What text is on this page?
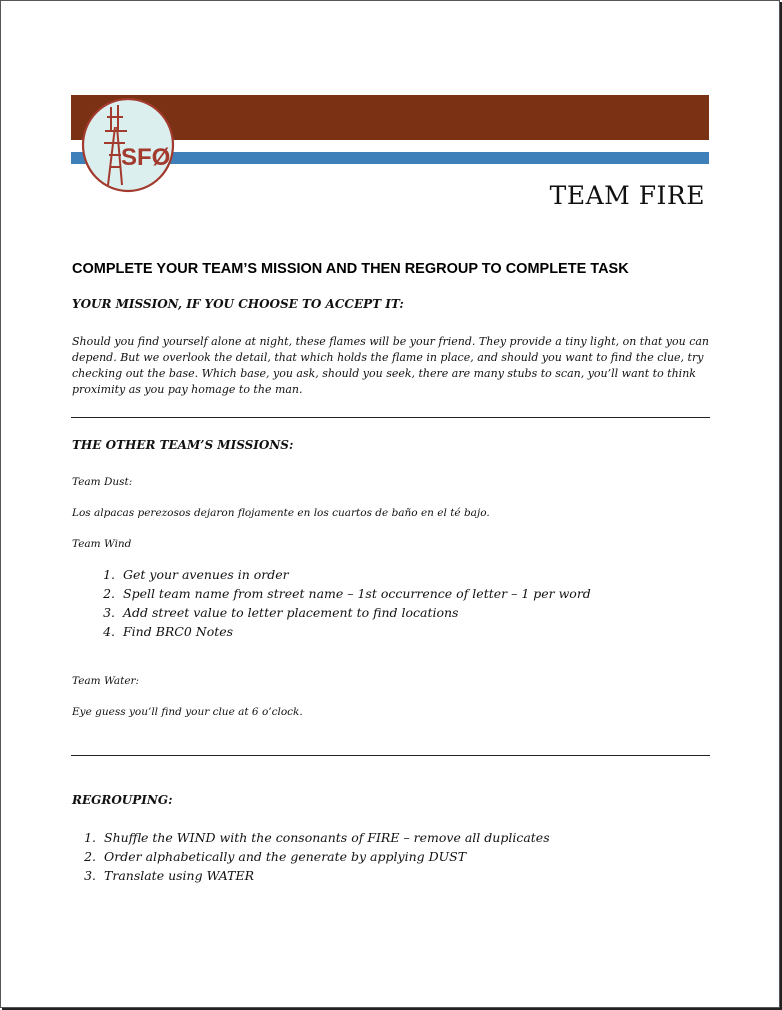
SFØ
TEAM FIRE
COMPLETE YOUR TEAM’S MISSION AND THEN REGROUP TO COMPLETE TASK
YOUR MISSION, IF YOU CHOOSE TO ACCEPT IT:
Should you find yourself alone at night, these flames will be your friend. They provide a tiny light, on that you can depend. But we overlook the detail, that which holds the flame in place, and should you want to find the clue, try checking out the base. Which base, you ask, should you seek, there are many stubs to scan, you’ll want to think proximity as you pay homage to the man.
THE OTHER TEAM’S MISSIONS:
Team Dust:
Los alpacas perezosos dejaron flojamente en los cuartos de baño en el té bajo.
Team Wind
1. Get your avenues in order
2. Spell team name from street name – 1st occurrence of letter – 1 per word
3. Add street value to letter placement to find locations
4. Find BRC0 Notes
Team Water:
Eye guess you’ll find your clue at 6 o’clock.
REGROUPING:
1. Shuffle the WIND with the consonants of FIRE – remove all duplicates
2. Order alphabetically and the generate by applying DUST
3. Translate using WATER
